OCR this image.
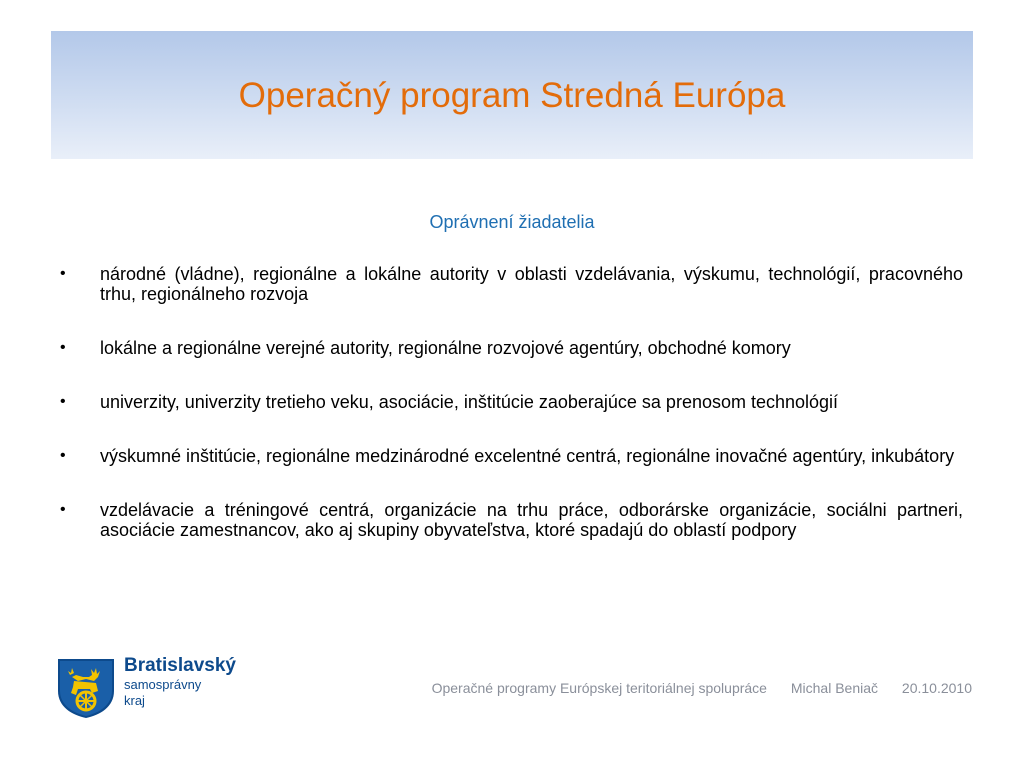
Operačný program Stredná Európa
Oprávnení žiadatelia
•	národné (vládne), regionálne a lokálne autority v oblasti vzdelávania, výskumu, technológií, pracovného trhu, regionálneho rozvoja
•	lokálne a regionálne verejné autority, regionálne rozvojové agentúry, obchodné komory
•	univerzity, univerzity tretieho veku, asociácie, inštitúcie zaoberajúce sa prenosom technológií
•	výskumné inštitúcie, regionálne medzinárodné excelentné centrá, regionálne inovačné agentúry, inkubátory
•	vzdelávacie a tréningové centrá, organizácie na trhu práce, odborárske organizácie, sociálni partneri, asociácie zamestnancov, ako aj skupiny obyvateľstva, ktoré spadajú do oblastí podpory
Bratislavský
samosprávny
kraj
Operačné programy Európskej teritoriálnej spolupráce Michal Beniač 20.10.2010
